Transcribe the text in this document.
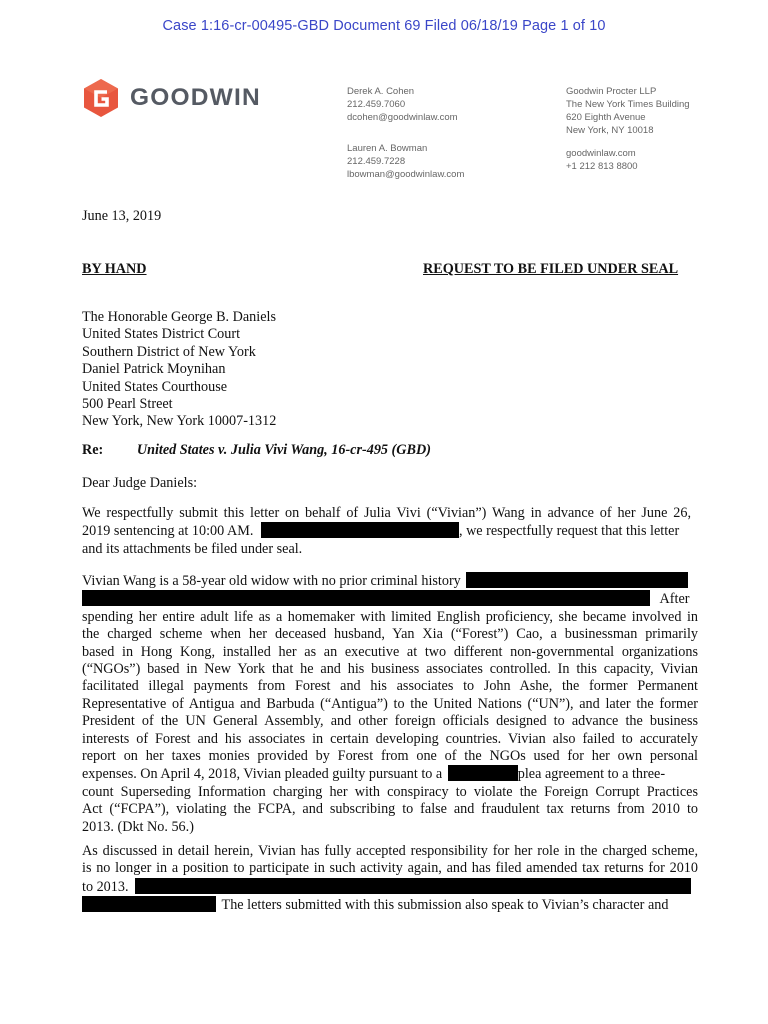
Case 1:16-cr-00495-GBD Document 69 Filed 06/18/19 Page 1 of 10
GOODWIN	Derek A. Cohen
212.459.7060
dcohen@goodwinlaw.com
Lauren A. Bowman
212.459.7228
lbowman@goodwinlaw.com
Goodwin Procter LLP
The New York Times Building
620 Eighth Avenue
New York, NY 10018
goodwinlaw.com
+1 212 813 8800
June 13, 2019
BY HAND	REQUEST TO BE FILED UNDER SEAL
The Honorable George B. Daniels
United States District Court
Southern District of New York
Daniel Patrick Moynihan
United States Courthouse
500 Pearl Street
New York, New York 10007-1312
Re: United States v. Julia Vivi Wang, 16-cr-495 (GBD)
Dear Judge Daniels:
We respectfully submit this letter on behalf of Julia Vivi (“Vivian”) Wang in advance of her June 26,
2019 sentencing at 10:00 AM.	, we respectfully request that this letter
and its attachments be filed under seal.
Vivian Wang is a 58-year old widow with no prior criminal history
After
spending her entire adult life as a homemaker with limited English proficiency, she became involved in
the charged scheme when her deceased husband, Yan Xia (“Forest”) Cao, a businessman primarily
based in Hong Kong, installed her as an executive at two different non-governmental organizations
(“NGOs”) based in New York that he and his business associates controlled. In this capacity, Vivian
facilitated illegal payments from Forest and his associates to John Ashe, the former Permanent
Representative of Antigua and Barbuda (“Antigua”) to the United Nations (“UN”), and later the former
President of the UN General Assembly, and other foreign officials designed to advance the business
interests of Forest and his associates in certain developing countries. Vivian also failed to accurately
report on her taxes monies provided by Forest from one of the NGOs used for her own personal
expenses. On April 4, 2018, Vivian pleaded guilty pursuant to a	plea agreement to a three-
count Superseding Information charging her with conspiracy to violate the Foreign Corrupt Practices
Act (“FCPA”), violating the FCPA, and subscribing to false and fraudulent tax returns from 2010 to
2013. (Dkt No. 56.)
As discussed in detail herein, Vivian has fully accepted responsibility for her role in the charged scheme,
is no longer in a position to participate in such activity again, and has filed amended tax returns for 2010
to 2013.
The letters submitted with this submission also speak to Vivian’s character and
